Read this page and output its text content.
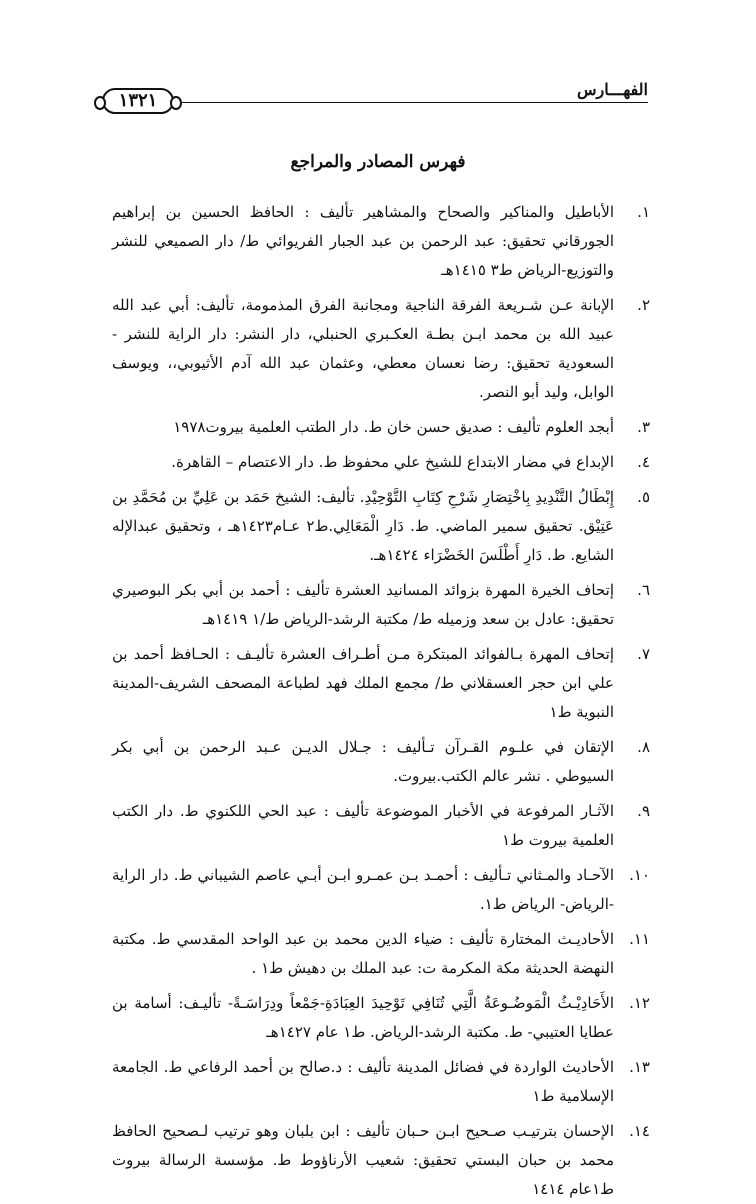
الفهـــارس
١٣٢١
فهرس المصادر والمراجع
١.
الأباطيل والمناكير والصحاح والمشاهير تأليف : الحافظ الحسين بن إبراهيم الجورقاني تحقيق: عبد الرحمن بن عبد الجبار الفريوائي ط/ دار الصميعي للنشر والتوزيع-الرياض ط٣ ١٤١٥هـ
٢.
الإبانة عـن شـريعة الفرقة الناجية ومجانبة الفرق المذمومة، تأليف: أبي عبد الله عبيد الله بن محمد ابـن بطـة العكـبري الحنبلي، دار النشر: دار الراية للنشر - السعودية تحقيق: رضا نعسان معطي، وعثمان عبد الله آدم الأثيوبي،، ويوسف الوابل، وليد أبو النصر.
٣.
أبجد العلوم تأليف : صديق حسن خان ط. دار الطتب العلمية بيروت١٩٧٨
٤.
الإبداع في مضار الابتداع للشيخ علي محفوظ ط. دار الاعتصام – القاهرة.
٥.
إِبْطَالُ التَّنْدِيدِ بِاخْتِصَارِ شَرْحِ كِتَابِ التَّوْحِيْدِ. تأليف: الشيخ حَمَد بن عَلِيِّ بن مُحَمَّدِ بن عَتِيْق. تحقيق سمير الماضي. ط. دَارِ الْمَعَالِي.ط٢ عـام١٤٢٣هـ ، وتحقيق عبدالإله الشايع. ط. دَارِ أَطْلَسَ الخَضْرَاء ١٤٢٤هـ.
٦.
إتحاف الخيرة المهرة بزوائد المسانيد العشرة تأليف : أحمد بن أبي بكر البوصيري تحقيق: عادل بن سعد وزميله ط/ مكتبة الرشد-الرياض ط/١ ١٤١٩هـ
٧.
إتحاف المهرة بـالفوائد المبتكرة مـن أطـراف العشرة تأليـف : الحـافظ أحمد بن علي ابن حجر العسقلاني ط/ مجمع الملك فهد لطباعة المصحف الشريف-المدينة النبوية ط١
٨.
الإتقان في علـوم القـرآن تـأليف : جـلال الديـن عـبد الرحمن بن أبي بكر السيوطي . نشر عالم الكتب.بيروت.
٩.
الآثـار المرفوعة في الأخبار الموضوعة تأليف : عبد الحي اللكنوي ط. دار الكتب العلمية بيروت ط١
١٠.
الآحـاد والمـثاني تـأليف : أحمـد بـن عمـرو ابـن أبـي عاصم الشيباني ط. دار الراية -الرياض- الرياض ط١.
١١.
الأحاديـث المختارة تأليف : ضياء الدين محمد بن عبد الواحد المقدسي ط. مكتبة النهضة الحديثة مكة المكرمة ت: عبد الملك بن دهيش ط١ .
١٢.
الأَحَادِيْـثُ الْمَوضُـوعَةُ الَّتِي تُنَافِي تَوْحِيدَ العِبَادَةِ-جَمْعاً ودِرَاسَـةً- تأليـف: أسامة بن عطايا العتيبي- ط. مكتبة الرشد-الرياض. ط١ عام ١٤٢٧هـ
١٣.
الأحاديث الواردة في فضائل المدينة تأليف : د.صالح بن أحمد الرفاعي ط. الجامعة الإسلامية ط١
١٤.
الإحسان بترتيـب صـحيح ابـن حـبان تأليف : ابن بلبان وهو ترتيب لـصحيح الحافظ محمد بن حبان البستي تحقيق: شعيب الأرناؤوط ط. مؤسسة الرسالة بيروت ط١عام ١٤١٤
